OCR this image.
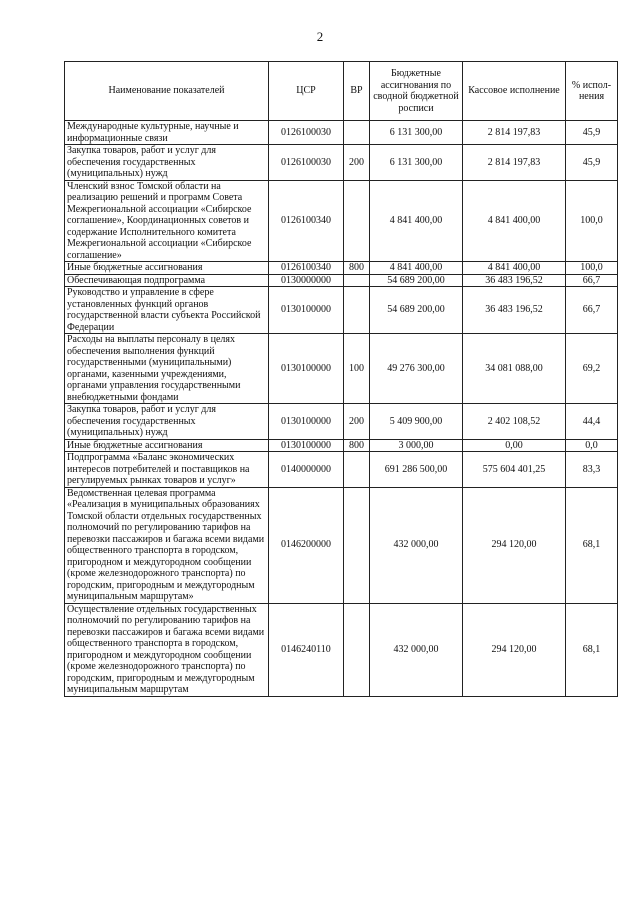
2
Наименование показателей	ЦСР	ВР	Бюджетные ассигнования по сводной бюджетной росписи	Кассовое исполнение	% испол-нения
Международные культурные, научные и информационные связи	0126100030		6 131 300,00	2 814 197,83	45,9
Закупка товаров, работ и услуг для обеспечения государственных (муниципальных) нужд	0126100030	200	6 131 300,00	2 814 197,83	45,9
Членский взнос Томской области на реализацию решений и программ Совета Межрегиональной ассоциации «Сибирское соглашение», Координационных советов и содержание Исполнительного комитета Межрегиональной ассоциации «Сибирское соглашение»	0126100340		4 841 400,00	4 841 400,00	100,0
Иные бюджетные ассигнования	0126100340	800	4 841 400,00	4 841 400,00	100,0
Обеспечивающая подпрограмма	0130000000		54 689 200,00	36 483 196,52	66,7
Руководство и управление в сфере установленных функций органов государственной власти субъекта Российской Федерации	0130100000		54 689 200,00	36 483 196,52	66,7
Расходы на выплаты персоналу в целях обеспечения выполнения функций государственными (муниципальными) органами, казенными учреждениями, органами управления государственными внебюджетными фондами	0130100000	100	49 276 300,00	34 081 088,00	69,2
Закупка товаров, работ и услуг для обеспечения государственных (муниципальных) нужд	0130100000	200	5 409 900,00	2 402 108,52	44,4
Иные бюджетные ассигнования	0130100000	800	3 000,00	0,00	0,0
Подпрограмма «Баланс экономических интересов потребителей и поставщиков на регулируемых рынках товаров и услуг»	0140000000		691 286 500,00	575 604 401,25	83,3
Ведомственная целевая программа «Реализация в муниципальных образованиях Томской области отдельных государственных полномочий по регулированию тарифов на перевозки пассажиров и багажа всеми видами общественного транспорта в городском, пригородном и междугородном сообщении (кроме железнодорожного транспорта) по городским, пригородным и междугородным муниципальным маршрутам»	0146200000		432 000,00	294 120,00	68,1
Осуществление отдельных государственных полномочий по регулированию тарифов на перевозки пассажиров и багажа всеми видами общественного транспорта в городском, пригородном и междугородном сообщении (кроме железнодорожного транспорта) по городским, пригородным и междугородным муниципальным маршрутам	0146240110		432 000,00	294 120,00	68,1
